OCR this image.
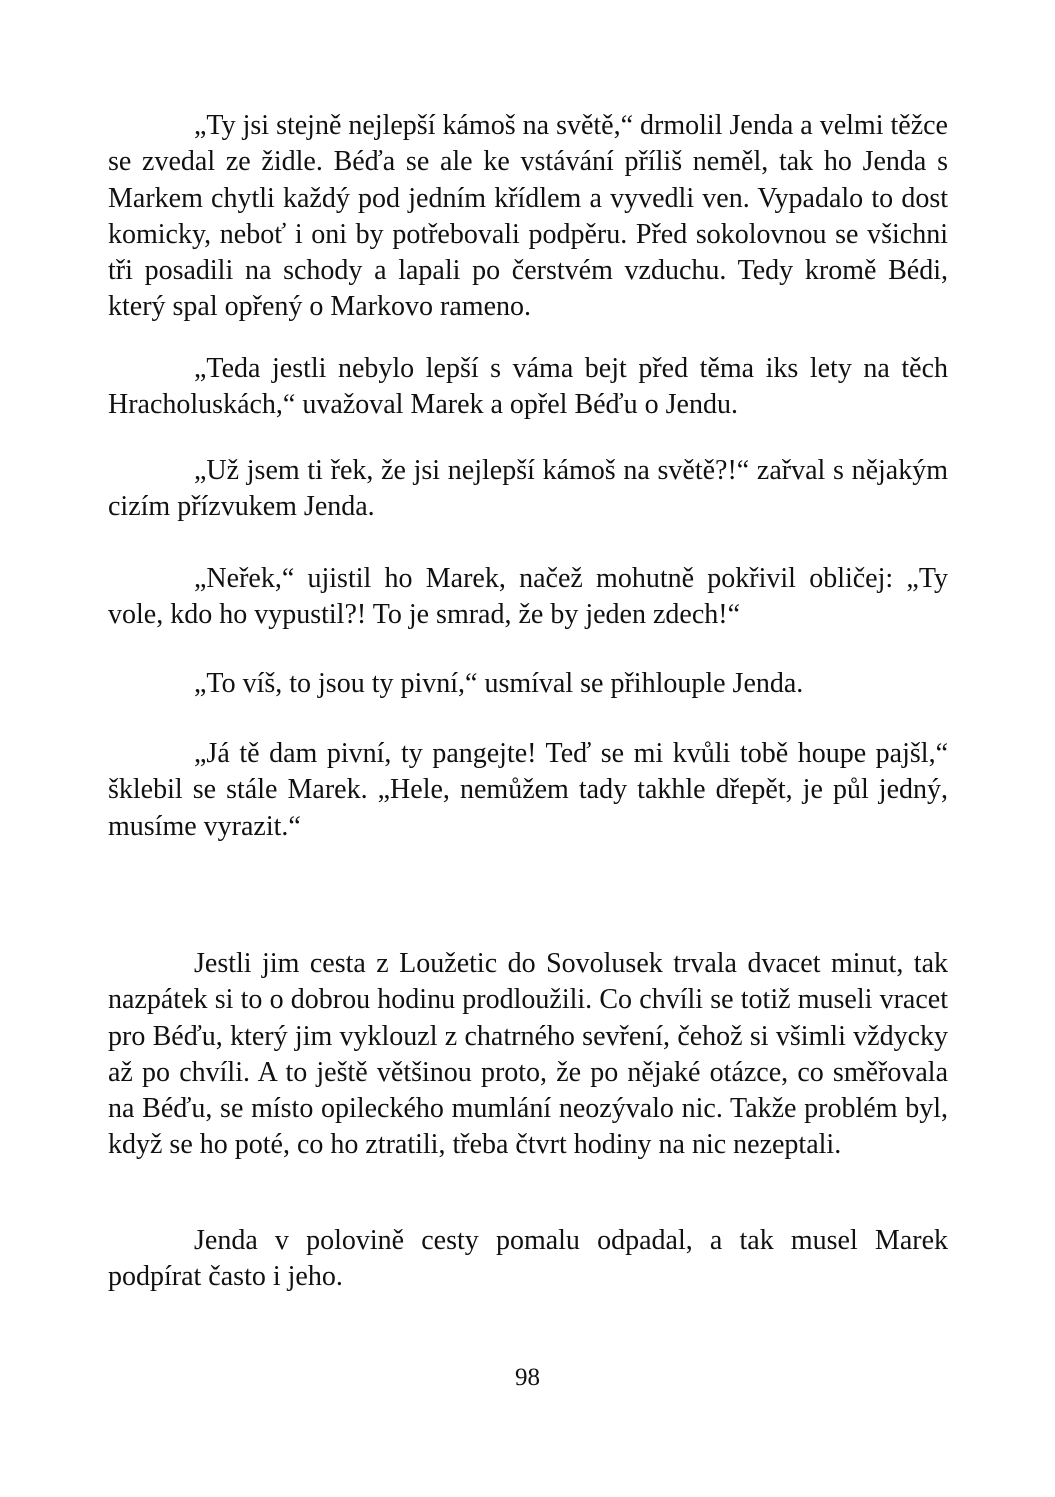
„Ty jsi stejně nejlepší kámoš na světě,“ drmolil Jenda a velmi těžce se zvedal ze židle. Béďa se ale ke vstávání příliš neměl, tak ho Jenda s Markem chytli každý pod jedním křídlem a vyvedli ven. Vypadalo to dost komicky, neboť i oni by potřebovali podpěru. Před sokolovnou se všichni tři posadili na schody a lapali po čerstvém vzduchu. Tedy kromě Bédi, který spal opřený o Markovo rameno.

„Teda jestli nebylo lepší s váma bejt před těma iks lety na těch Hracholuskách,“ uvažoval Marek a opřel Béďu o Jendu.

„Už jsem ti řek, že jsi nejlepší kámoš na světě?!“ zařval s nějakým cizím přízvukem Jenda.

„Neřek,“ ujistil ho Marek, načež mohutně pokřivil obličej: „Ty vole, kdo ho vypustil?! To je smrad, že by jeden zdech!“

„To víš, to jsou ty pivní,“ usmíval se přihlouple Jenda.

„Já tě dam pivní, ty pangejte! Teď se mi kvůli tobě houpe pajšl,“ šklebil se stále Marek. „Hele, nemůžem tady takhle dřepět, je půl jedný, musíme vyrazit.“

Jestli jim cesta z Loužetic do Sovolusek trvala dvacet minut, tak nazpátek si to o dobrou hodinu prodloužili. Co chvíli se totiž museli vracet pro Béďu, který jim vyklouzl z chatrného sevření, čehož si všimli vždycky až po chvíli. A to ještě většinou proto, že po nějaké otázce, co směřovala na Béďu, se místo opileckého mumlání neozývalo nic. Takže problém byl, když se ho poté, co ho ztratili, třeba čtvrt hodiny na nic nezeptali.

Jenda v polovině cesty pomalu odpadal, a tak musel Marek podpírat často i jeho.

98
